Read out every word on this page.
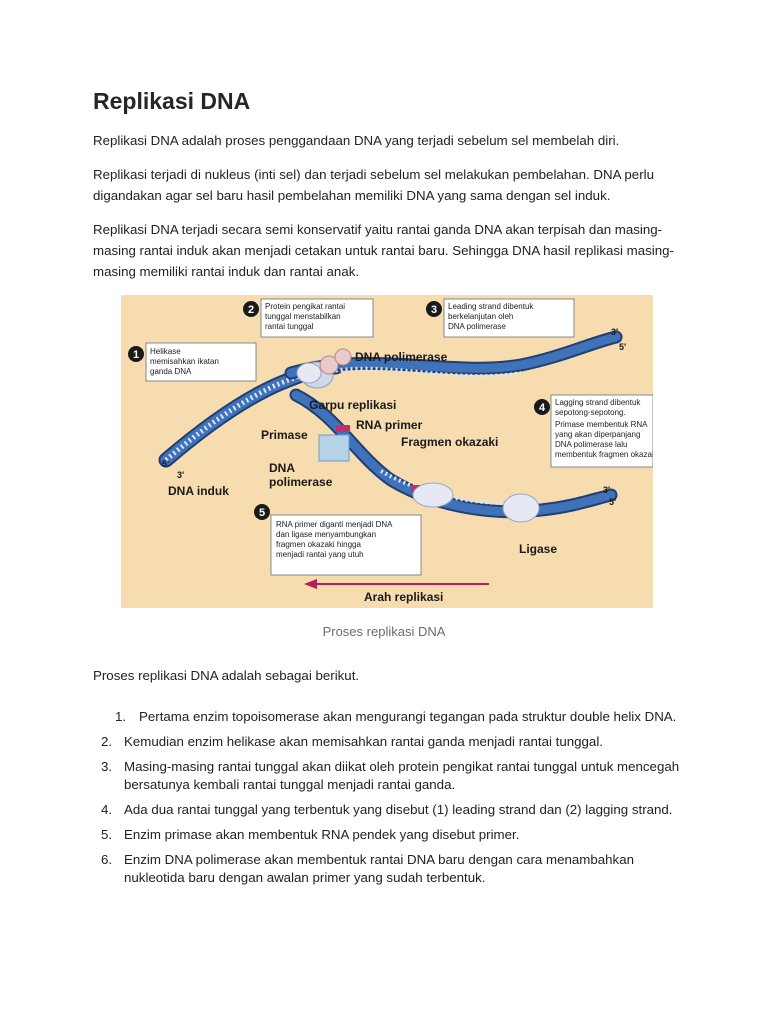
Replikasi DNA

Replikasi DNA adalah proses penggandaan DNA yang terjadi sebelum sel membelah diri.

Replikasi terjadi di nukleus (inti sel) dan terjadi sebelum sel melakukan pembelahan. DNA perlu digandakan agar sel baru hasil pembelahan memiliki DNA yang sama dengan sel induk.

Replikasi DNA terjadi secara semi konservatif yaitu rantai ganda DNA akan terpisah dan masing-masing rantai induk akan menjadi cetakan untuk rantai baru. Sehingga DNA hasil replikasi masing-masing memiliki rantai induk dan rantai anak.

1 Helikase
memisahkan ikatan
ganda DNA
2 Protein pengikat rantai
tunggal menstabilkan
rantai tunggal
3 Leading strand dibentuk
berkelanjutan oleh
DNA polimerase
4 Lagging strand dibentuk
sepotong-sepotong.
Primase membentuk RNA
yang akan diperpanjang
DNA polimerase lalu
membentuk fragmen okazaki
5
RNA primer diganti menjadi DNA
dan ligase menyambungkan
fragmen okazaki hingga
menjadi rantai yang utuh
DNA polimerase
Garpu replikasi
Primase
RNA primer
Fragmen okazaki
DNA
polimerase
DNA induk
Ligase
3'
5'
3'
5'
5'
3'
Arah replikasi
Proses replikasi DNA

Proses replikasi DNA adalah sebagai berikut.

1. Pertama enzim topoisomerase akan mengurangi tegangan pada struktur double helix DNA.
2. Kemudian enzim helikase akan memisahkan rantai ganda menjadi rantai tunggal.
3. Masing-masing rantai tunggal akan diikat oleh protein pengikat rantai tunggal untuk mencegah bersatunya kembali rantai tunggal menjadi rantai ganda.
4. Ada dua rantai tunggal yang terbentuk yang disebut (1) leading strand dan (2) lagging strand.
5. Enzim primase akan membentuk RNA pendek yang disebut primer.
6. Enzim DNA polimerase akan membentuk rantai DNA baru dengan cara menambahkan nukleotida baru dengan awalan primer yang sudah terbentuk.
